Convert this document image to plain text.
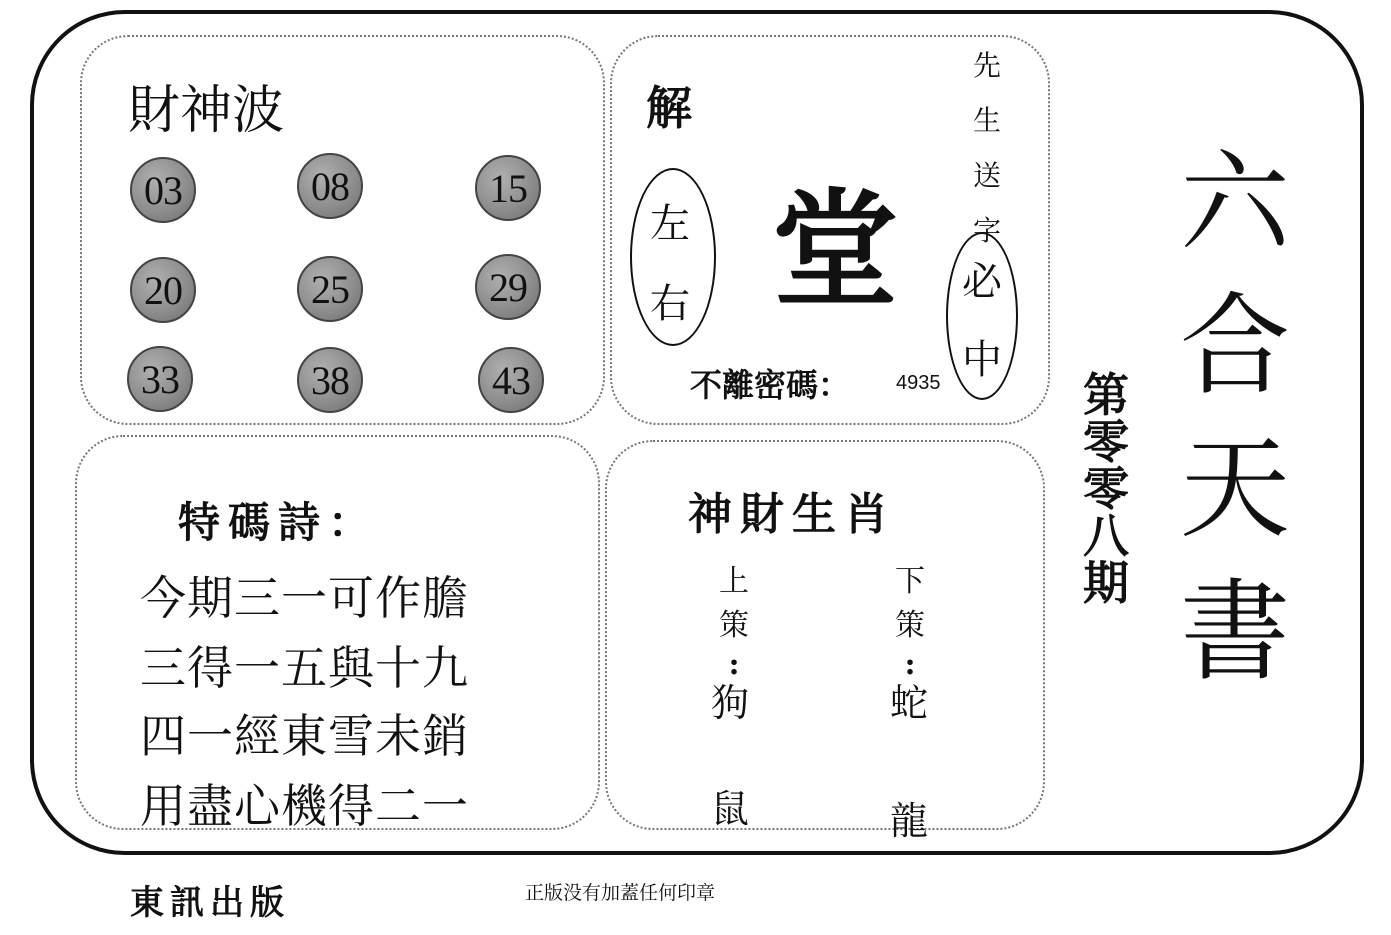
財神波
03	08	15
20	25	29
33	38	43
解
左
右 堂
先
生
送
字
必
中
不離密碼： 4935
六
合
天
書
第
零
零
八
期
特碼詩：
今期三一可作膽
三得一五與十九
四一經東雪未銷
用盡心機得二一
神財生肖
上
策
:
狗
鼠
下
策
:
蛇
龍
東訊出版	正版没有加蓋任何印章
